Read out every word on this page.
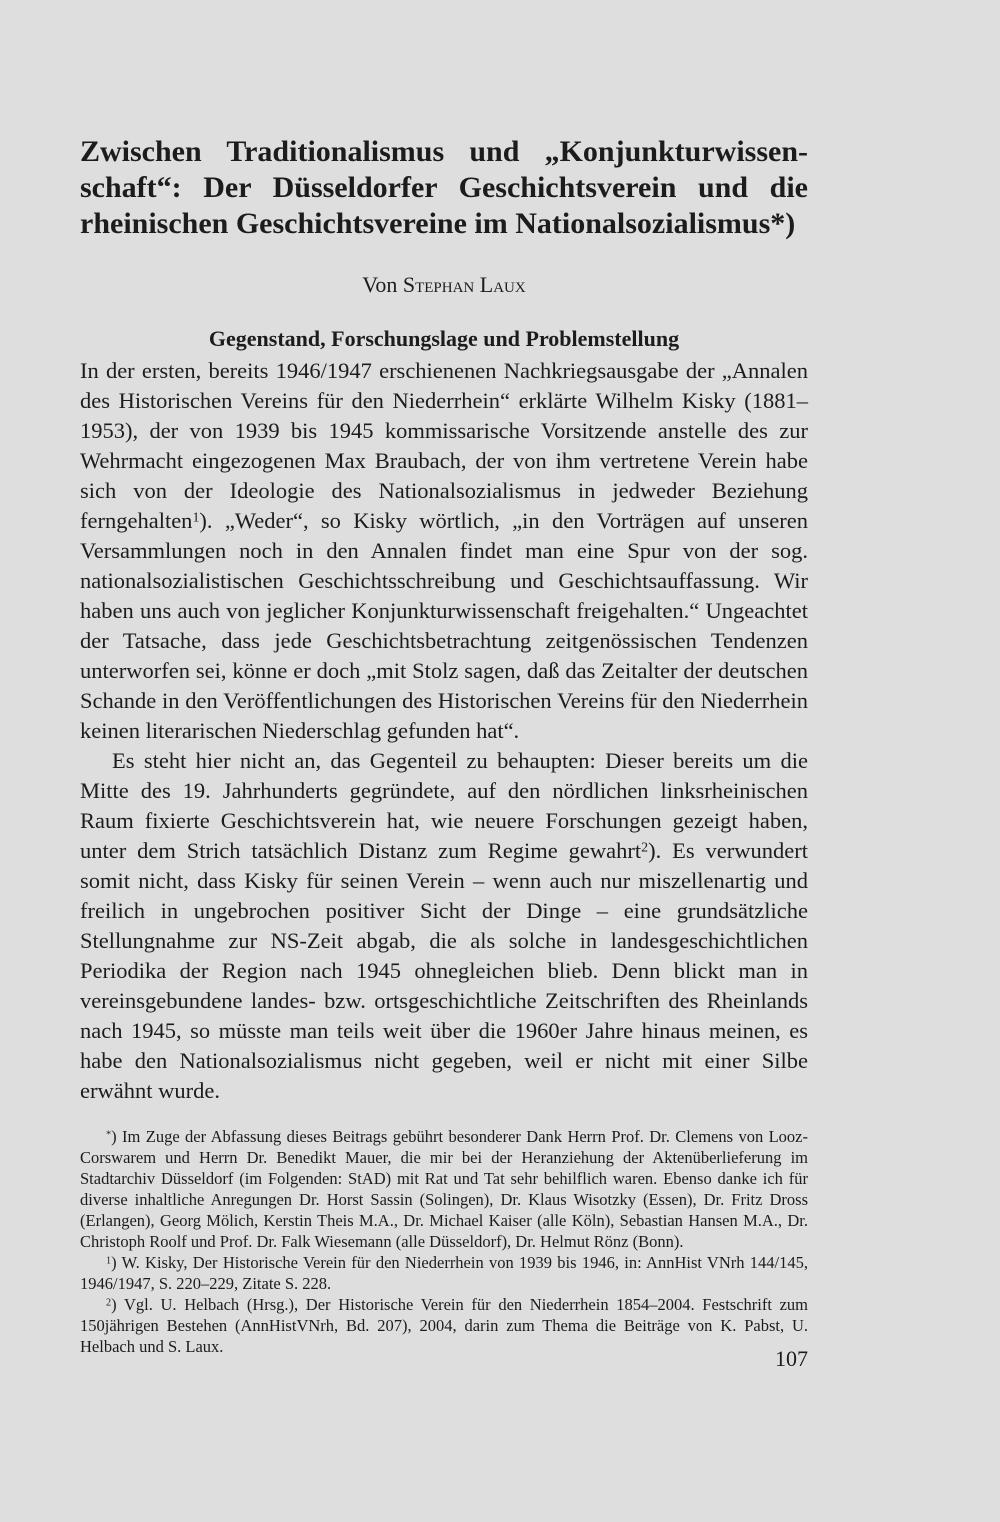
Zwischen Traditionalismus und „Konjunkturwissenschaft“: Der Düsseldorfer Geschichtsverein und die rheinischen Geschichtsvereine im Nationalsozialismus*)

Von Stephan Laux

Gegenstand, Forschungslage und Problemstellung

In der ersten, bereits 1946/1947 erschienenen Nachkriegsausgabe der „Annalen des Historischen Vereins für den Niederrhein“ erklärte Wilhelm Kisky (1881–1953), der von 1939 bis 1945 kommissarische Vorsitzende anstelle des zur Wehrmacht eingezogenen Max Braubach, der von ihm vertretene Verein habe sich von der Ideologie des Nationalsozialismus in jedweder Beziehung ferngehalten$^1$). „Weder“, so Kisky wörtlich, „in den Vorträgen auf unseren Versammlungen noch in den Annalen findet man eine Spur von der sog. nationalsozialistischen Geschichtsschreibung und Geschichtsauffassung. Wir haben uns auch von jeglicher Konjunkturwissenschaft freigehalten.“ Ungeachtet der Tatsache, dass jede Geschichtsbetrachtung zeitgenössischen Tendenzen unterworfen sei, könne er doch „mit Stolz sagen, daß das Zeitalter der deutschen Schande in den Veröffentlichungen des Historischen Vereins für den Niederrhein keinen literarischen Niederschlag gefunden hat“.

Es steht hier nicht an, das Gegenteil zu behaupten: Dieser bereits um die Mitte des 19. Jahrhunderts gegründete, auf den nördlichen linksrheinischen Raum fixierte Geschichtsverein hat, wie neuere Forschungen gezeigt haben, unter dem Strich tatsächlich Distanz zum Regime gewahrt$^2$). Es verwundert somit nicht, dass Kisky für seinen Verein – wenn auch nur miszellenartig und freilich in ungebrochen positiver Sicht der Dinge – eine grundsätzliche Stellungnahme zur NS-Zeit abgab, die als solche in landesgeschichtlichen Periodika der Region nach 1945 ohnegleichen blieb. Denn blickt man in vereinsgebundene landes- bzw. ortsgeschichtliche Zeitschriften des Rheinlands nach 1945, so müsste man teils weit über die 1960er Jahre hinaus meinen, es habe den Nationalsozialismus nicht gegeben, weil er nicht mit einer Silbe erwähnt wurde.

*) Im Zuge der Abfassung dieses Beitrags gebührt besonderer Dank Herrn Prof. Dr. Clemens von Looz-Corswarem und Herrn Dr. Benedikt Mauer, die mir bei der Heranziehung der Aktenüberlieferung im Stadtarchiv Düsseldorf (im Folgenden: StAD) mit Rat und Tat sehr behilflich waren. Ebenso danke ich für diverse inhaltliche Anregungen Dr. Horst Sassin (Solingen), Dr. Klaus Wisotzky (Essen), Dr. Fritz Dross (Erlangen), Georg Mölich, Kerstin Theis M.A., Dr. Michael Kaiser (alle Köln), Sebastian Hansen M.A., Dr. Christoph Roolf und Prof. Dr. Falk Wiesemann (alle Düsseldorf), Dr. Helmut Rönz (Bonn).

$^1$) W. Kisky, Der Historische Verein für den Niederrhein von 1939 bis 1946, in: AnnHist VNrh 144/145, 1946/1947, S. 220–229, Zitate S. 228.

$^2$) Vgl. U. Helbach (Hrsg.), Der Historische Verein für den Niederrhein 1854–2004. Festschrift zum 150jährigen Bestehen (AnnHistVNrh, Bd. 207), 2004, darin zum Thema die Beiträge von K. Pabst, U. Helbach und S. Laux.	107
